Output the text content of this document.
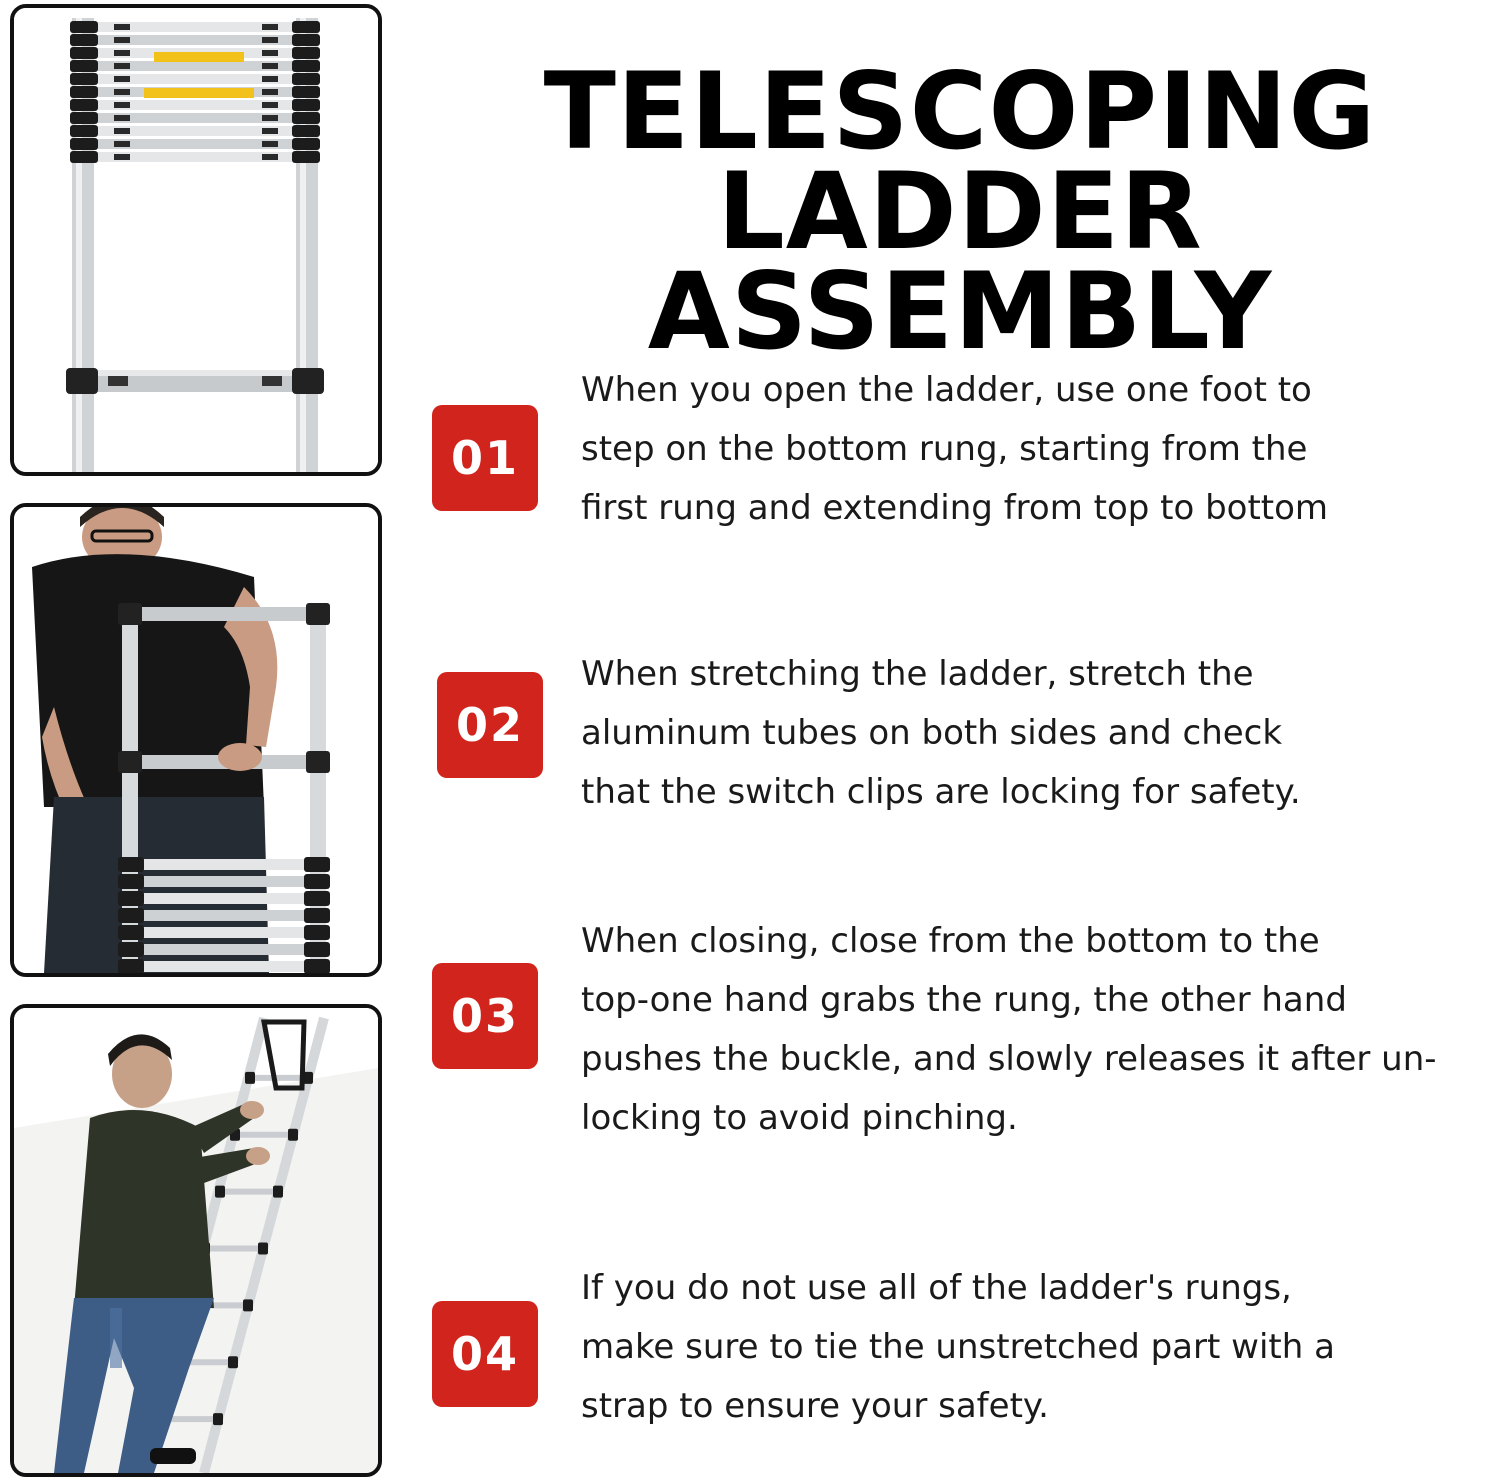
TELESCOPING
LADDER ASSEMBLY
01
When you open the ladder, use one foot to
step on the bottom rung, starting from the
first rung and extending from top to bottom
02
When stretching the ladder, stretch the
aluminum tubes on both sides and check
that the switch clips are locking for safety.
03
When closing, close from the bottom to the
top-one hand grabs the rung, the other hand
pushes the buckle, and slowly releases it after un-
locking to avoid pinching.
04
If you do not use all of the ladder's rungs,
make sure to tie the unstretched part with a
strap to ensure your safety.
